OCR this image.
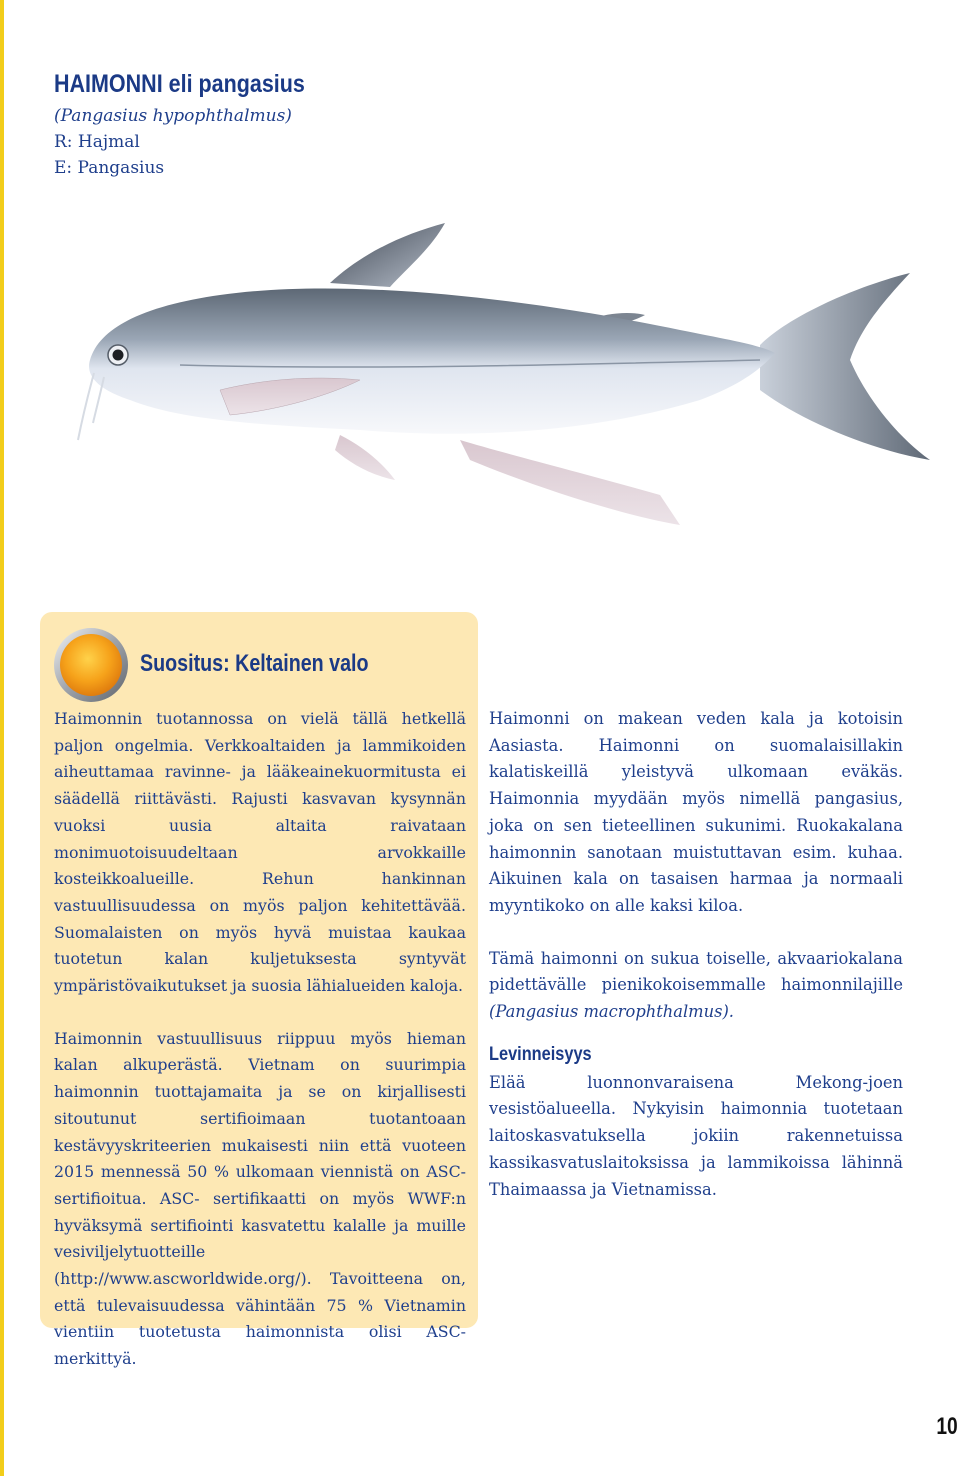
HAIMONNI eli pangasius
(Pangasius hypophthalmus)
R: Hajmal
E: Pangasius
Suositus: Keltainen valo

Haimonnin tuotannossa on vielä tällä hetkellä paljon ongelmia. Verkkoaltaiden ja lammikoiden aiheuttamaa ravinne- ja lääkeainekuormitusta ei säädellä riittävästi. Rajusti kasvavan kysynnän vuoksi uusia altaita raivataan monimuotoisuudeltaan arvokkaille kosteikkoalueille. Rehun hankinnan vastuullisuudessa on myös paljon kehitettävää. Suomalaisten on myös hyvä muistaa kaukaa tuotetun kalan kuljetuksesta syntyvät ympäristövaikutukset ja suosia lähialueiden kaloja.

Haimonnin vastuullisuus riippuu myös hieman kalan alkuperästä. Vietnam on suurimpia haimonnin tuottajamaita ja se on kirjallisesti sitoutunut sertifioimaan tuotantoaan kestävyyskriteerien mukaisesti niin että vuoteen 2015 mennessä 50 % ulkomaan viennistä on ASC-sertifioitua. ASC- sertifikaatti on myös WWF:n hyväksymä sertifiointi kasvatettu kalalle ja muille vesiviljelytuotteille (http://www.ascworldwide.org/). Tavoitteena on, että tulevaisuudessa vähintään 75 % Vietnamin vientiin tuotetusta haimonnista olisi ASC- merkittyä.

Haimonni on makean veden kala ja kotoisin Aasiasta. Haimonni on suomalaisillakin kalatiskeillä yleistyvä ulkomaan eväkäs. Haimonnia myydään myös nimellä pangasius, joka on sen tieteellinen sukunimi. Ruokakalana haimonnin sanotaan muistuttavan esim. kuhaa. Aikuinen kala on tasaisen harmaa ja normaali myyntikoko on alle kaksi kiloa.

Tämä haimonni on sukua toiselle, akvaariokalana pidettävälle pienikokoisemmalle haimonnilajille (Pangasius macrophthalmus).

Levinneisyys

Elää luonnonvaraisena Mekong-joen vesistöalueella. Nykyisin haimonnia tuotetaan laitoskasvatuksella jokiin rakennetuissa kassikasvatuslaitoksissa ja lammikoissa lähinnä Thaimaassa ja Vietnamissa.

10
